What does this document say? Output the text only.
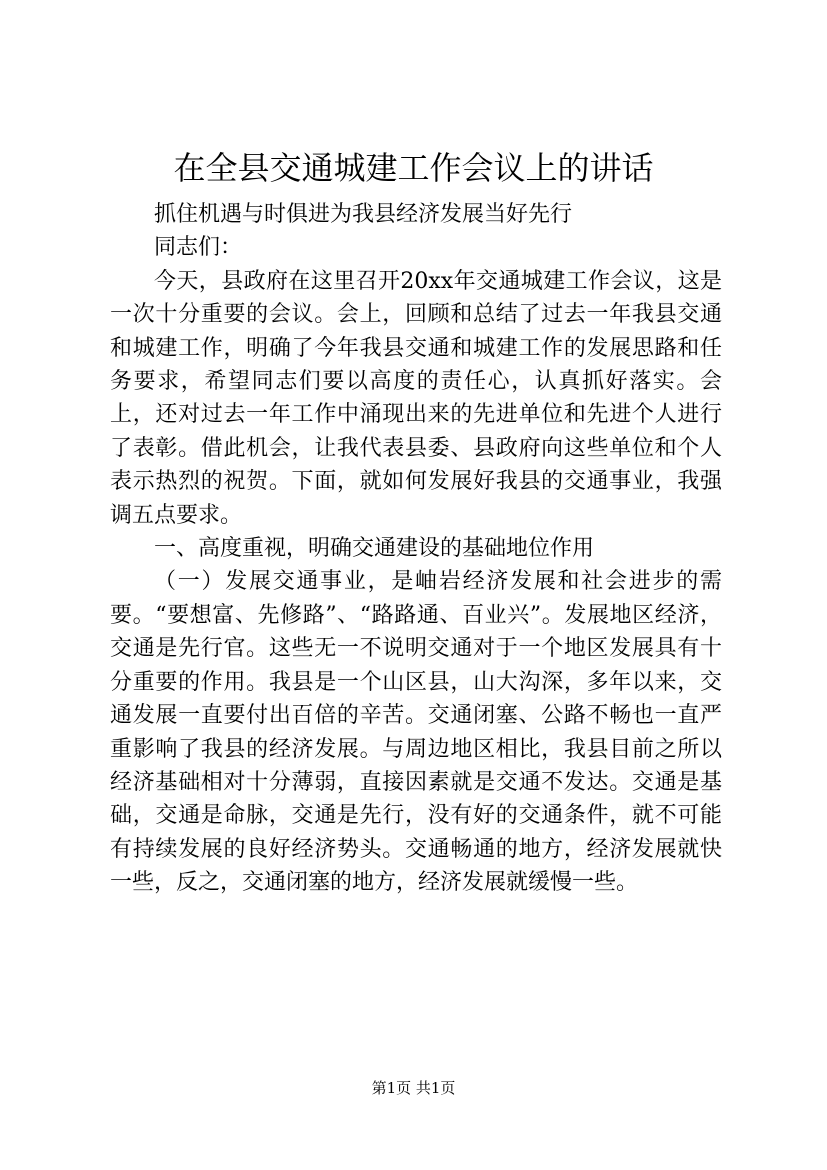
在全县交通城建工作会议上的讲话

抓住机遇与时俱进为我县经济发展当好先行

同志们：

今天，县政府在这里召开20xx年交通城建工作会议，这是一次十分重要的会议。会上，回顾和总结了过去一年我县交通和城建工作，明确了今年我县交通和城建工作的发展思路和任务要求，希望同志们要以高度的责任心，认真抓好落实。会上，还对过去一年工作中涌现出来的先进单位和先进个人进行了表彰。借此机会，让我代表县委、县政府向这些单位和个人表示热烈的祝贺。下面，就如何发展好我县的交通事业，我强调五点要求。

一、高度重视，明确交通建设的基础地位作用

（一）发展交通事业，是岫岩经济发展和社会进步的需要。“要想富、先修路”、“路路通、百业兴”。发展地区经济，交通是先行官。这些无一不说明交通对于一个地区发展具有十分重要的作用。我县是一个山区县，山大沟深，多年以来，交通发展一直要付出百倍的辛苦。交通闭塞、公路不畅也一直严重影响了我县的经济发展。与周边地区相比，我县目前之所以经济基础相对十分薄弱，直接因素就是交通不发达。交通是基础，交通是命脉，交通是先行，没有好的交通条件，就不可能有持续发展的良好经济势头。交通畅通的地方，经济发展就快一些，反之，交通闭塞的地方，经济发展就缓慢一些。

第1页 共1页
